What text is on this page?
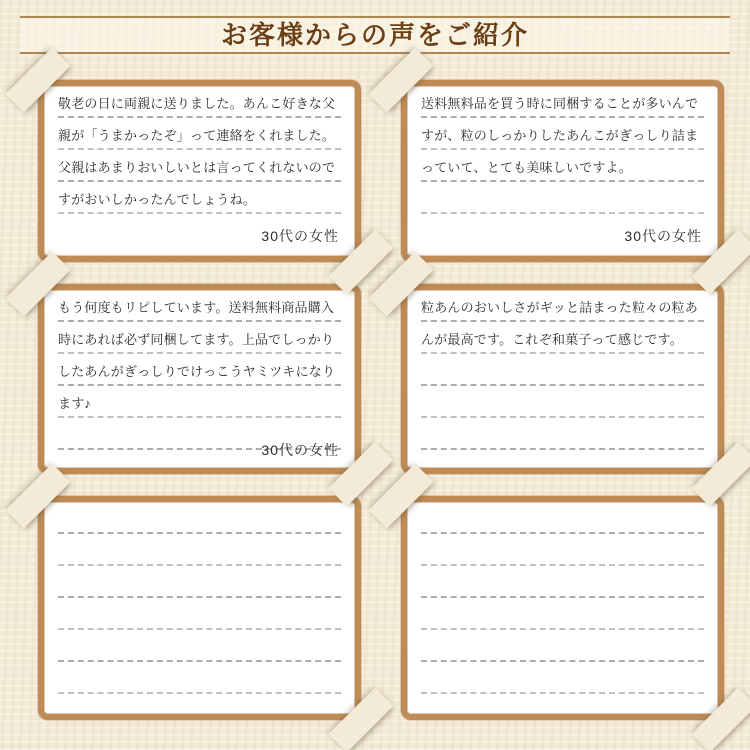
お客様からの声をご紹介

敬老の日に両親に送りました。あんこ好きな父親が「うまかったぞ」って連絡をくれました。父親はあまりおいしいとは言ってくれないのですがおいしかったんでしょうね。

30代の女性

送料無料品を買う時に同梱することが多いんですが、粒のしっかりしたあんこがぎっしり詰まっていて、とても美味しいですよ。

30代の女性

もう何度もリピしています。送料無料商品購入時にあれば必ず同梱してます。上品でしっかりしたあんがぎっしりでけっこうヤミツキになります♪

30代の女性

粒あんのおいしさがギッと詰まった粒々の粒あんが最高です。これぞ和菓子って感じです。
